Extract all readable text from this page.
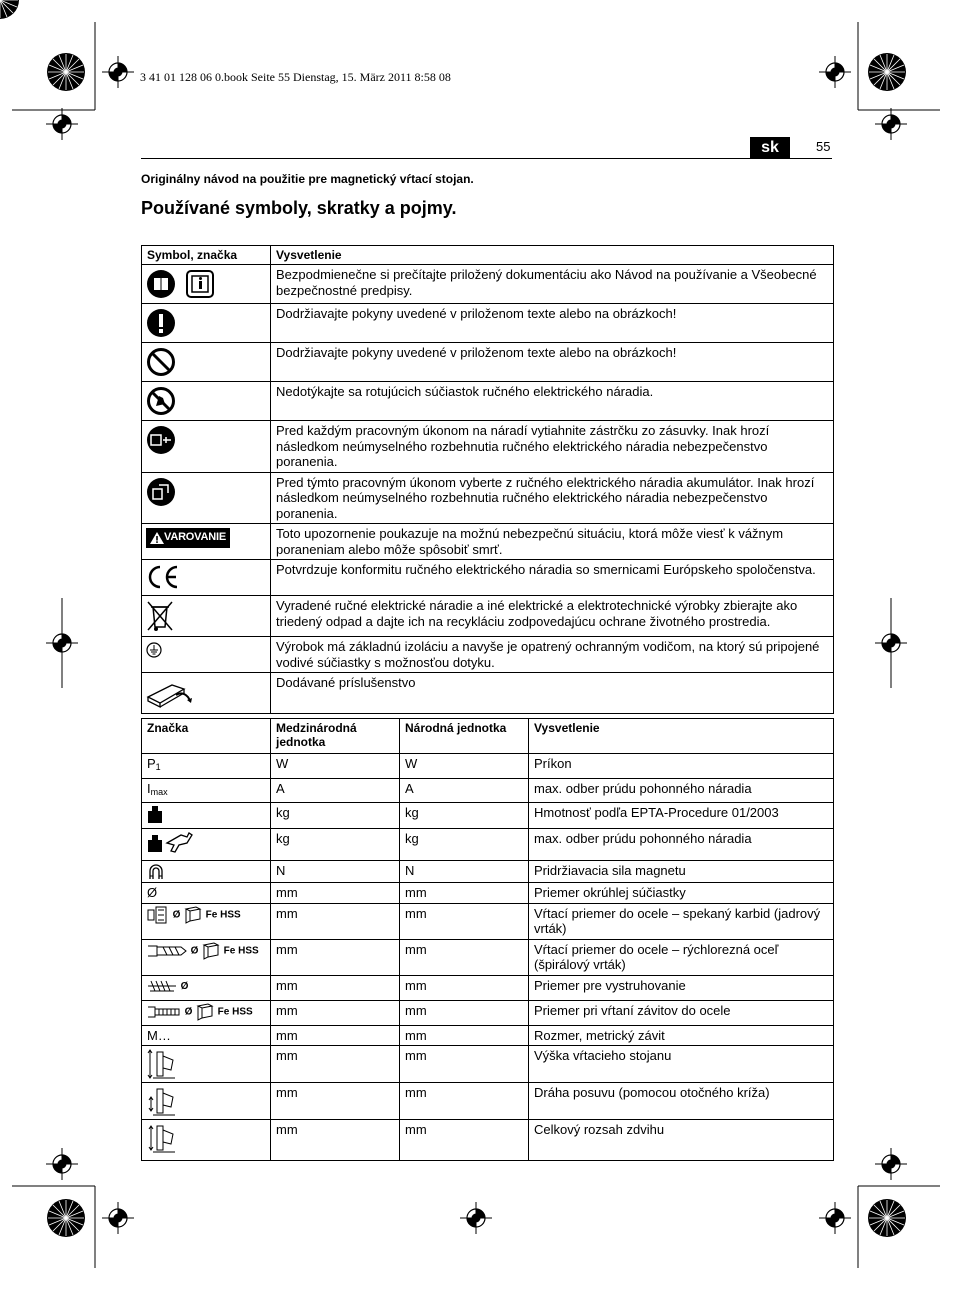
3 41 01 128 06 0.book Seite 55 Dienstag, 15. März 2011 8:58 08
sk	55
Originálny návod na použitie pre magnetický vŕtací stojan.
Používané symboly, skratky a pojmy.
Symbol, značka	Vysvetlenie

	Bezpodmienečne si prečítajte priložený dokumentáciu ako Návod na používanie a Všeobecné bezpečnostné predpisy.

	Dodržiavajte pokyny uvedené v priloženom texte alebo na obrázkoch!

	Dodržiavajte pokyny uvedené v priloženom texte alebo na obrázkoch!

	Nedotýkajte sa rotujúcich súčiastok ručného elektrického náradia.

	Pred každým pracovným úkonom na náradí vytiahnite zástrčku zo zásuvky. Inak hrozí následkom neúmyselného rozbehnutia ručného elektrického náradia nebezpečenstvo poranenia.

	Pred týmto pracovným úkonom vyberte z ručného elektrického náradia akumulátor. Inak hrozí následkom neúmyselného rozbehnutia ručného elektrického náradia nebezpečenstvo poranenia.

VAROVANIE	Toto upozornenie poukazuje na možnú nebezpečnú situáciu, ktorá môže viesť k vážnym poraneniam alebo môže spôsobiť smrť.

	Potvrdzuje konformitu ručného elektrického náradia so smernicami Európskeho spoločenstva.

	Vyradené ručné elektrické náradie a iné elektrické a elektrotechnické výrobky zbierajte ako triedený odpad a dajte ich na recykláciu zodpovedajúcu ochrane životného prostredia.

	Výrobok má základnú izoláciu a navyše je opatrený ochranným vodičom, na ktorý sú pripojené vodivé súčiastky s možnosťou dotyku.

	Dodávané príslušenstvo
Značka	Medzinárodná jednotka	Národná jednotka	Vysvetlenie
$P_1$	W	W	Príkon
$I_{max}$	A	A	max. odber prúdu pohonného náradia

	kg	kg	Hmotnosť podľa EPTA-Procedure 01/2003

	kg	kg	max. odber prúdu pohonného náradia

	N	N	Pridržiavacia sila magnetu
Ø	mm	mm	Priemer okrúhlej súčiastky

Ø Fe HSS	mm	mm	Vŕtací priemer do ocele – spekaný karbid (jadrový vrták)

Ø Fe HSS	mm	mm	Vŕtací priemer do ocele – rýchlorezná oceľ (špirálový vrták)

Ø	mm	mm	Priemer pre vystruhovanie

Ø Fe HSS	mm	mm	Priemer pri vŕtaní závitov do ocele
M…	mm	mm	Rozmer, metrický závit

	mm	mm	Výška vŕtacieho stojanu

	mm	mm	Dráha posuvu (pomocou otočného kríža)

	mm	mm	Celkový rozsah zdvihu
